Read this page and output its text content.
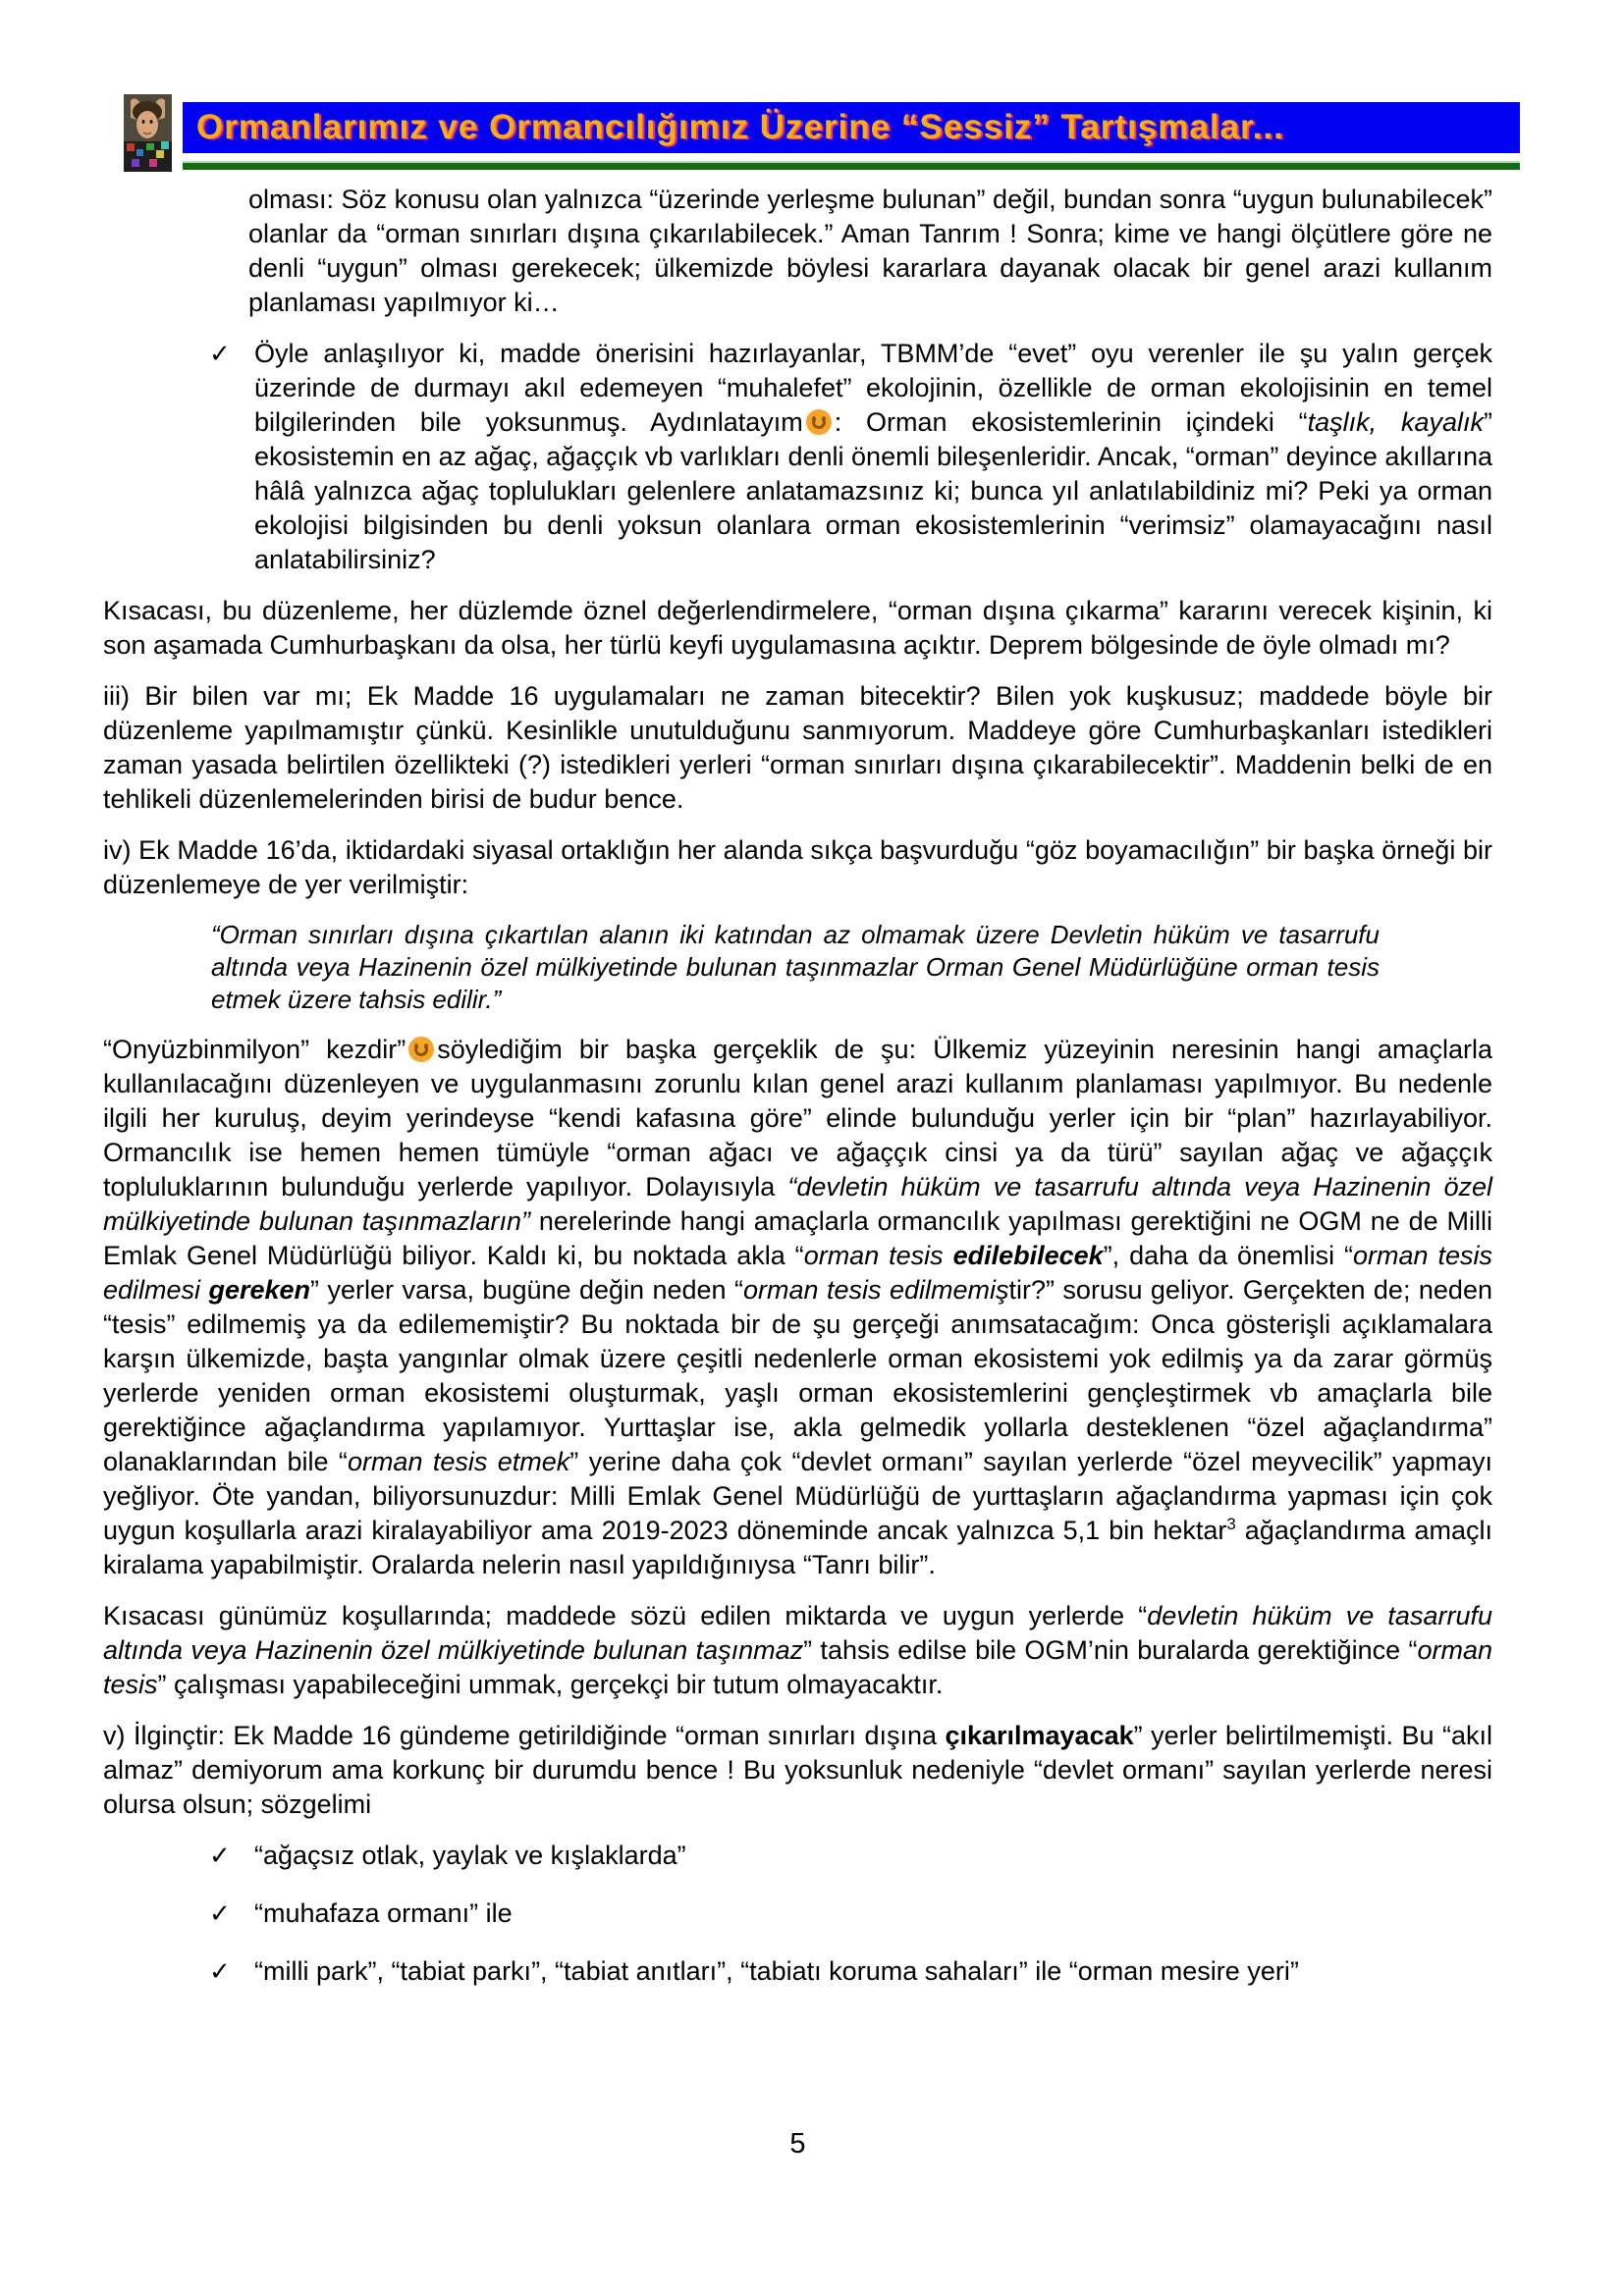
Ormanlarımız ve Ormancılığımız Üzerine “Sessiz” Tartışmalar...
olması: Söz konusu olan yalnızca “üzerinde yerleşme bulunan” değil, bundan sonra “uygun bulunabilecek” olanlar da “orman sınırları dışına çıkarılabilecek.” Aman Tanrım ! Sonra; kime ve hangi ölçütlere göre ne denli “uygun” olması gerekecek; ülkemizde böylesi kararlara dayanak olacak bir genel arazi kullanım planlaması yapılmıyor ki…
✓ Öyle anlaşılıyor ki, madde önerisini hazırlayanlar, TBMM’de “evet” oyu verenler ile şu yalın gerçek üzerinde de durmayı akıl edemeyen “muhalefet” ekolojinin, özellikle de orman ekolojisinin en temel bilgilerinden bile yoksunmuş. Aydınlatayım : Orman ekosistemlerinin içindeki “taşlık, kayalık” ekosistemin en az ağaç, ağaççık vb varlıkları denli önemli bileşenleridir. Ancak, “orman” deyince akıllarına hâlâ yalnızca ağaç toplulukları gelenlere anlatamazsınız ki; bunca yıl anlatılabildiniz mi? Peki ya orman ekolojisi bilgisinden bu denli yoksun olanlara orman ekosistemlerinin “verimsiz” olamayacağını nasıl anlatabilirsiniz?
Kısacası, bu düzenleme, her düzlemde öznel değerlendirmelere, “orman dışına çıkarma” kararını verecek kişinin, ki son aşamada Cumhurbaşkanı da olsa, her türlü keyfi uygulamasına açıktır. Deprem bölgesinde de öyle olmadı mı?
iii) Bir bilen var mı; Ek Madde 16 uygulamaları ne zaman bitecektir? Bilen yok kuşkusuz; maddede böyle bir düzenleme yapılmamıştır çünkü. Kesinlikle unutulduğunu sanmıyorum. Maddeye göre Cumhurbaşkanları istedikleri zaman yasada belirtilen özellikteki (?) istedikleri yerleri “orman sınırları dışına çıkarabilecektir”. Maddenin belki de en tehlikeli düzenlemelerinden birisi de budur bence.
iv) Ek Madde 16’da, iktidardaki siyasal ortaklığın her alanda sıkça başvurduğu “göz boyamacılığın” bir başka örneği bir düzenlemeye de yer verilmiştir:
“Orman sınırları dışına çıkartılan alanın iki katından az olmamak üzere Devletin hüküm ve tasarrufu altında veya Hazinenin özel mülkiyetinde bulunan taşınmazlar Orman Genel Müdürlüğüne orman tesis etmek üzere tahsis edilir.”
“Onyüzbinmilyon” kezdir” söylediğim bir başka gerçeklik de şu: Ülkemiz yüzeyinin neresinin hangi amaçlarla kullanılacağını düzenleyen ve uygulanmasını zorunlu kılan genel arazi kullanım planlaması yapılmıyor. Bu nedenle ilgili her kuruluş, deyim yerindeyse “kendi kafasına göre” elinde bulunduğu yerler için bir “plan” hazırlayabiliyor. Ormancılık ise hemen hemen tümüyle “orman ağacı ve ağaççık cinsi ya da türü” sayılan ağaç ve ağaççık topluluklarının bulunduğu yerlerde yapılıyor. Dolayısıyla “devletin hüküm ve tasarrufu altında veya Hazinenin özel mülkiyetinde bulunan taşınmazların” nerelerinde hangi amaçlarla ormancılık yapılması gerektiğini ne OGM ne de Milli Emlak Genel Müdürlüğü biliyor. Kaldı ki, bu noktada akla “orman tesis edilebilecek”, daha da önemlisi “orman tesis edilmesi gereken” yerler varsa, bugüne değin neden “orman tesis edilmemiştir?” sorusu geliyor. Gerçekten de; neden “tesis” edilmemiş ya da edilememiştir? Bu noktada bir de şu gerçeği anımsatacağım: Onca gösterişli açıklamalara karşın ülkemizde, başta yangınlar olmak üzere çeşitli nedenlerle orman ekosistemi yok edilmiş ya da zarar görmüş yerlerde yeniden orman ekosistemi oluşturmak, yaşlı orman ekosistemlerini gençleştirmek vb amaçlarla bile gerektiğince ağaçlandırma yapılamıyor. Yurttaşlar ise, akla gelmedik yollarla desteklenen “özel ağaçlandırma” olanaklarından bile “orman tesis etmek” yerine daha çok “devlet ormanı” sayılan yerlerde “özel meyvecilik” yapmayı yeğliyor. Öte yandan, biliyorsunuzdur: Milli Emlak Genel Müdürlüğü de yurttaşların ağaçlandırma yapması için çok uygun koşullarla arazi kiralayabiliyor ama 2019-2023 döneminde ancak yalnızca 5,1 bin hektar$^3$ ağaçlandırma amaçlı kiralama yapabilmiştir. Oralarda nelerin nasıl yapıldığınıysa “Tanrı bilir”.
Kısacası günümüz koşullarında; maddede sözü edilen miktarda ve uygun yerlerde “devletin hüküm ve tasarrufu altında veya Hazinenin özel mülkiyetinde bulunan taşınmaz” tahsis edilse bile OGM’nin buralarda gerektiğince “orman tesis” çalışması yapabileceğini ummak, gerçekçi bir tutum olmayacaktır.
v) İlginçtir: Ek Madde 16 gündeme getirildiğinde “orman sınırları dışına çıkarılmayacak” yerler belirtilmemişti. Bu “akıl almaz” demiyorum ama korkunç bir durumdu bence ! Bu yoksunluk nedeniyle “devlet ormanı” sayılan yerlerde neresi olursa olsun; sözgelimi
✓ “ağaçsız otlak, yaylak ve kışlaklarda”
✓ “muhafaza ormanı” ile
✓ “milli park”, “tabiat parkı”, “tabiat anıtları”, “tabiatı koruma sahaları” ile “orman mesire yeri”
5
